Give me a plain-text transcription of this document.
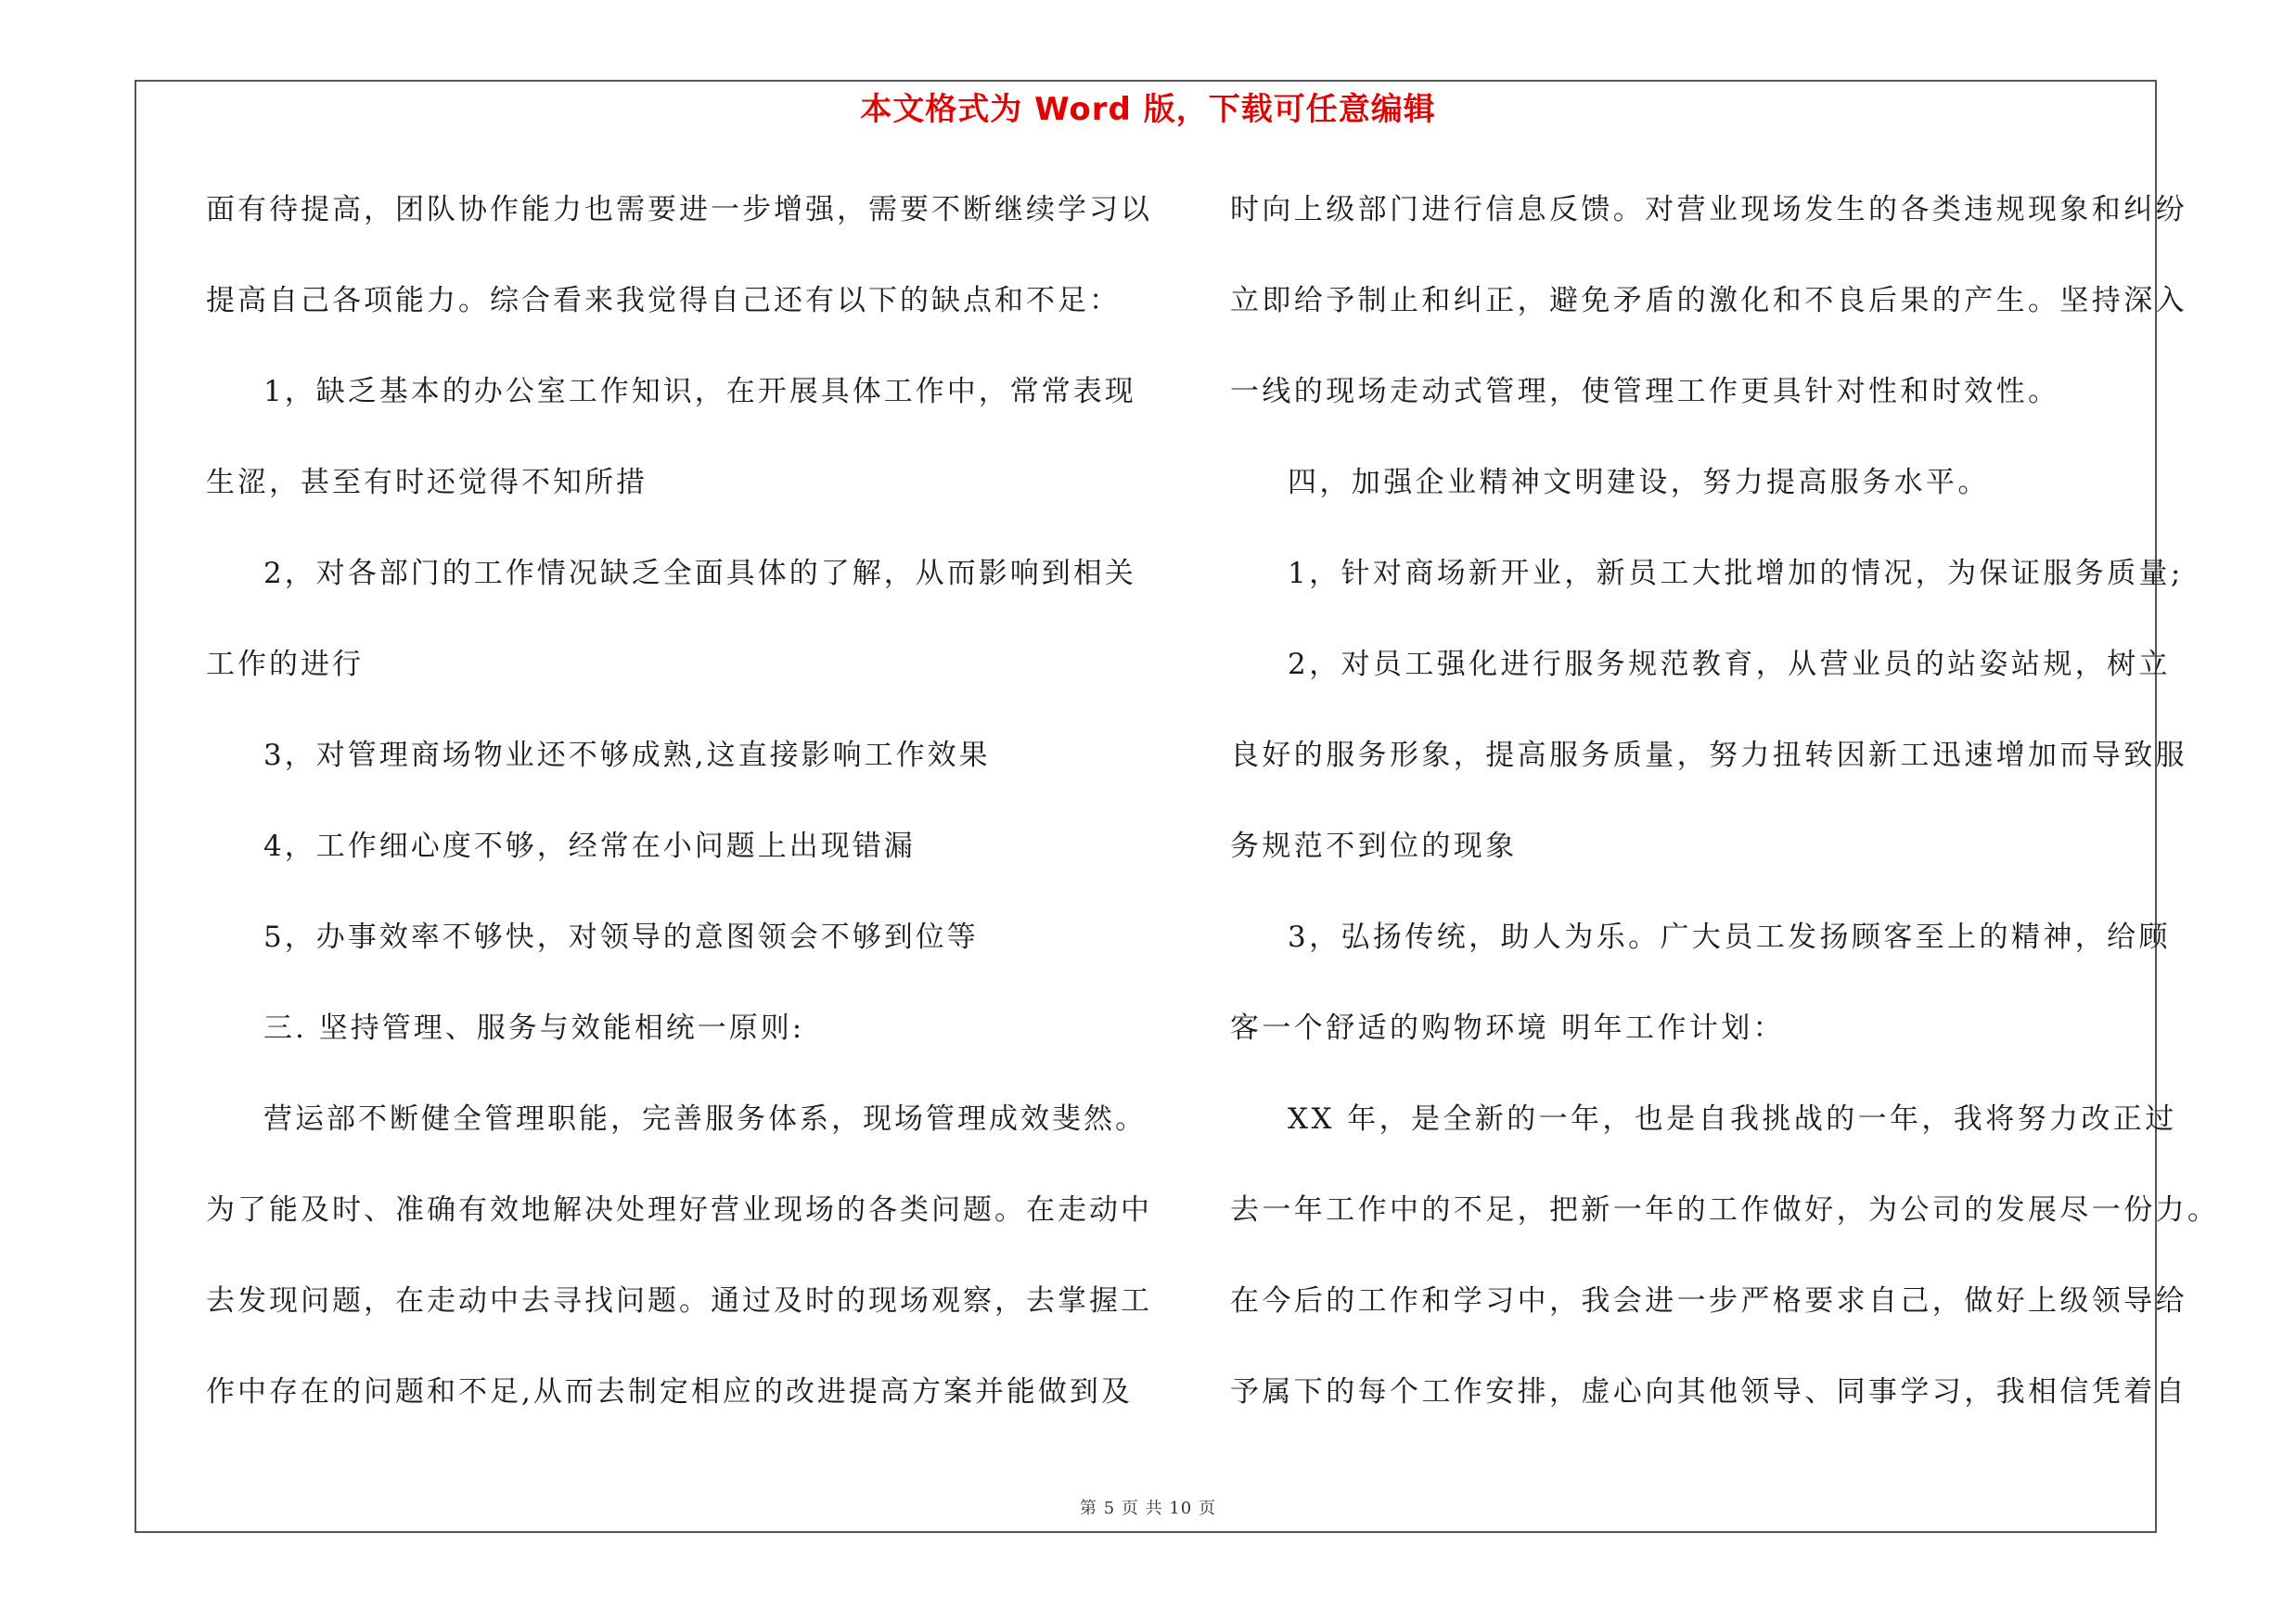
本文格式为 Word 版，下载可任意编辑
面有待提高，团队协作能力也需要进一步增强，需要不断继续学习以
提高自己各项能力。综合看来我觉得自己还有以下的缺点和不足：
1，缺乏基本的办公室工作知识，在开展具体工作中，常常表现
生涩，甚至有时还觉得不知所措
2，对各部门的工作情况缺乏全面具体的了解，从而影响到相关
工作的进行
3，对管理商场物业还不够成熟,这直接影响工作效果
4，工作细心度不够，经常在小问题上出现错漏
5，办事效率不够快，对领导的意图领会不够到位等
三. 坚持管理、服务与效能相统一原则:
营运部不断健全管理职能，完善服务体系，现场管理成效斐然。
为了能及时、准确有效地解决处理好营业现场的各类问题。在走动中
去发现问题，在走动中去寻找问题。通过及时的现场观察，去掌握工
作中存在的问题和不足,从而去制定相应的改进提高方案并能做到及
时向上级部门进行信息反馈。对营业现场发生的各类违规现象和纠纷
立即给予制止和纠正，避免矛盾的激化和不良后果的产生。坚持深入
一线的现场走动式管理，使管理工作更具针对性和时效性。
四，加强企业精神文明建设，努力提高服务水平。
1，针对商场新开业，新员工大批增加的情况，为保证服务质量;
2，对员工强化进行服务规范教育，从营业员的站姿站规，树立
良好的服务形象，提高服务质量，努力扭转因新工迅速增加而导致服
务规范不到位的现象
3，弘扬传统，助人为乐。广大员工发扬顾客至上的精神，给顾
客一个舒适的购物环境 明年工作计划：
XX 年，是全新的一年，也是自我挑战的一年，我将努力改正过
去一年工作中的不足，把新一年的工作做好，为公司的发展尽一份力。
在今后的工作和学习中，我会进一步严格要求自己，做好上级领导给
予属下的每个工作安排，虚心向其他领导、同事学习，我相信凭着自
第 5 页 共 10 页
